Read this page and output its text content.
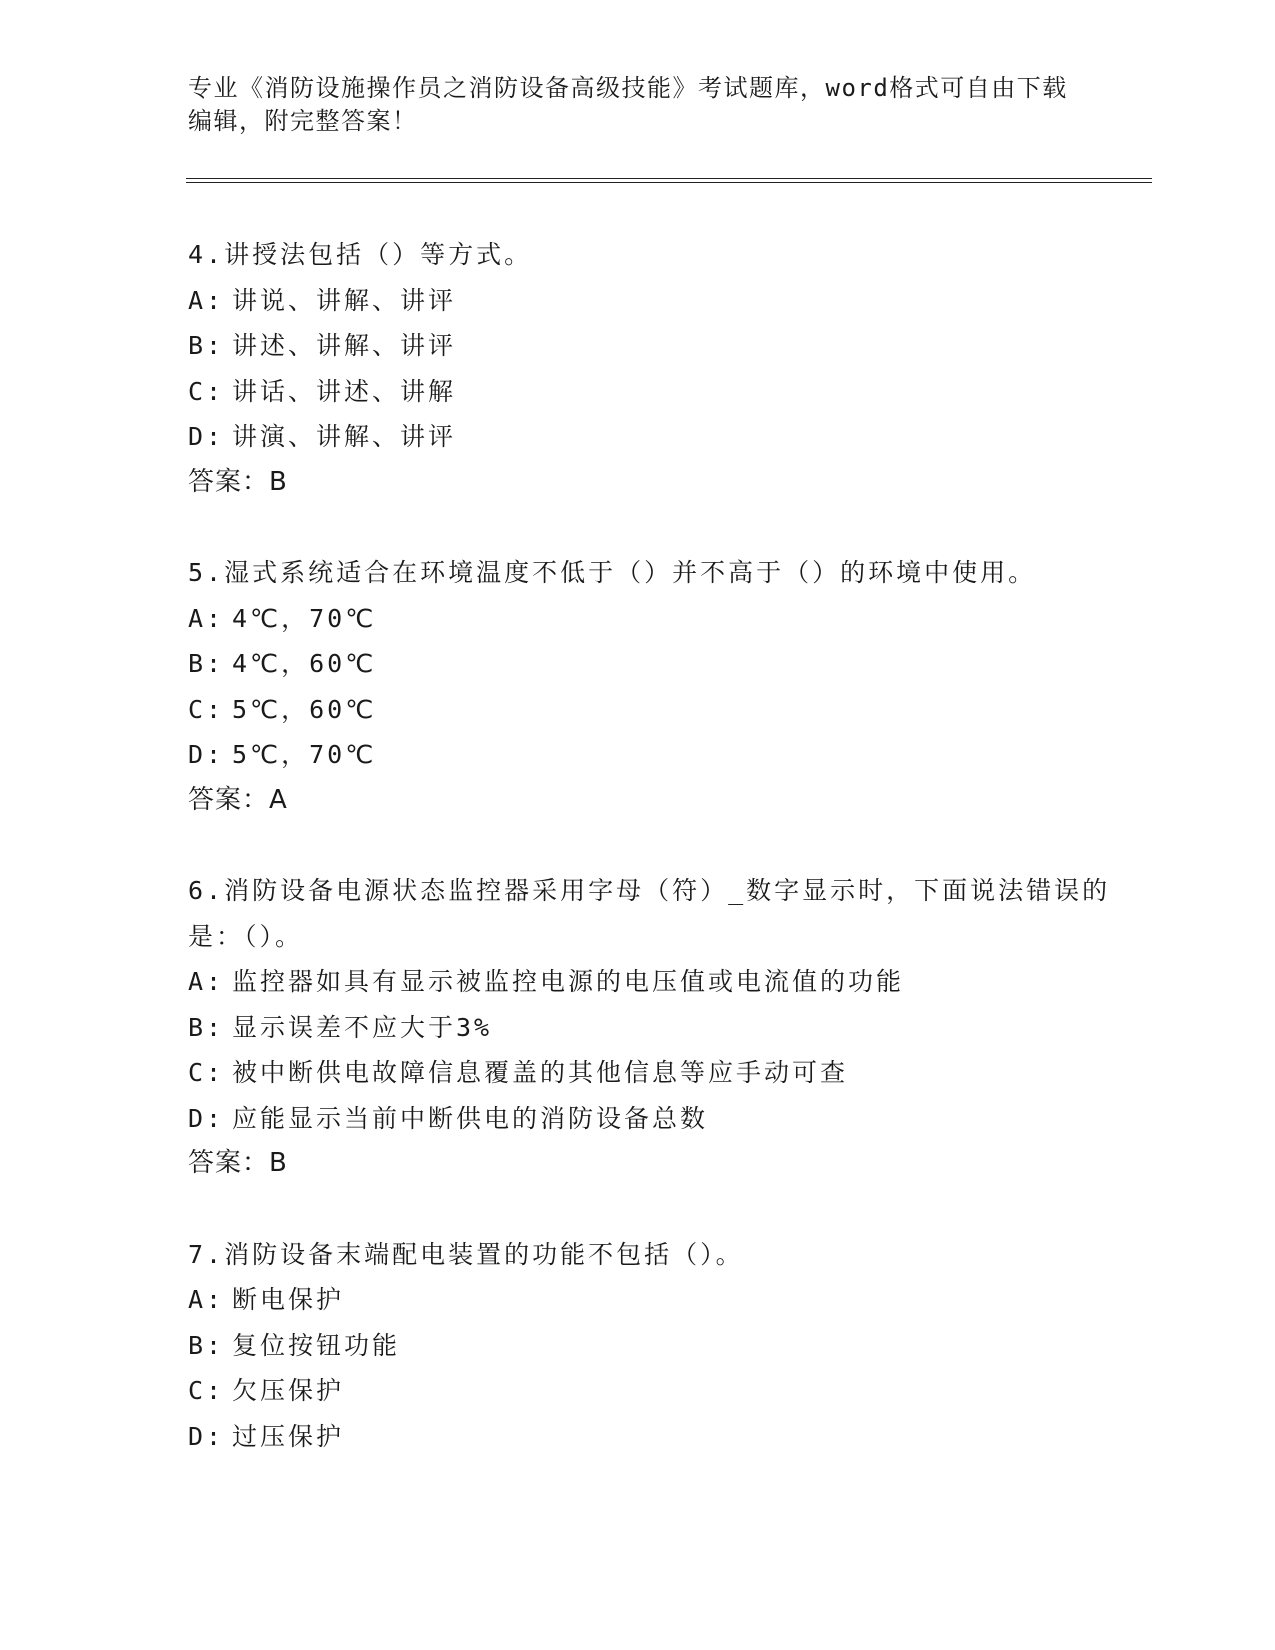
专业《消防设施操作员之消防设备高级技能》考试题库，word格式可自由下载编辑，附完整答案！
4.讲授法包括（）等方式。
A: 讲说、讲解、讲评
B: 讲述、讲解、讲评
C: 讲话、讲述、讲解
D: 讲演、讲解、讲评
答案：B
5.湿式系统适合在环境温度不低于（）并不高于（）的环境中使用。
A: 4℃，70℃
B: 4℃，60℃
C: 5℃，60℃
D: 5℃，70℃
答案：A
6.消防设备电源状态监控器采用字母（符）_数字显示时，下面说法错误的是：（）。
A: 监控器如具有显示被监控电源的电压值或电流值的功能
B: 显示误差不应大于3%
C: 被中断供电故障信息覆盖的其他信息等应手动可查
D: 应能显示当前中断供电的消防设备总数
答案：B
7.消防设备末端配电装置的功能不包括（）。
A: 断电保护
B: 复位按钮功能
C: 欠压保护
D: 过压保护
